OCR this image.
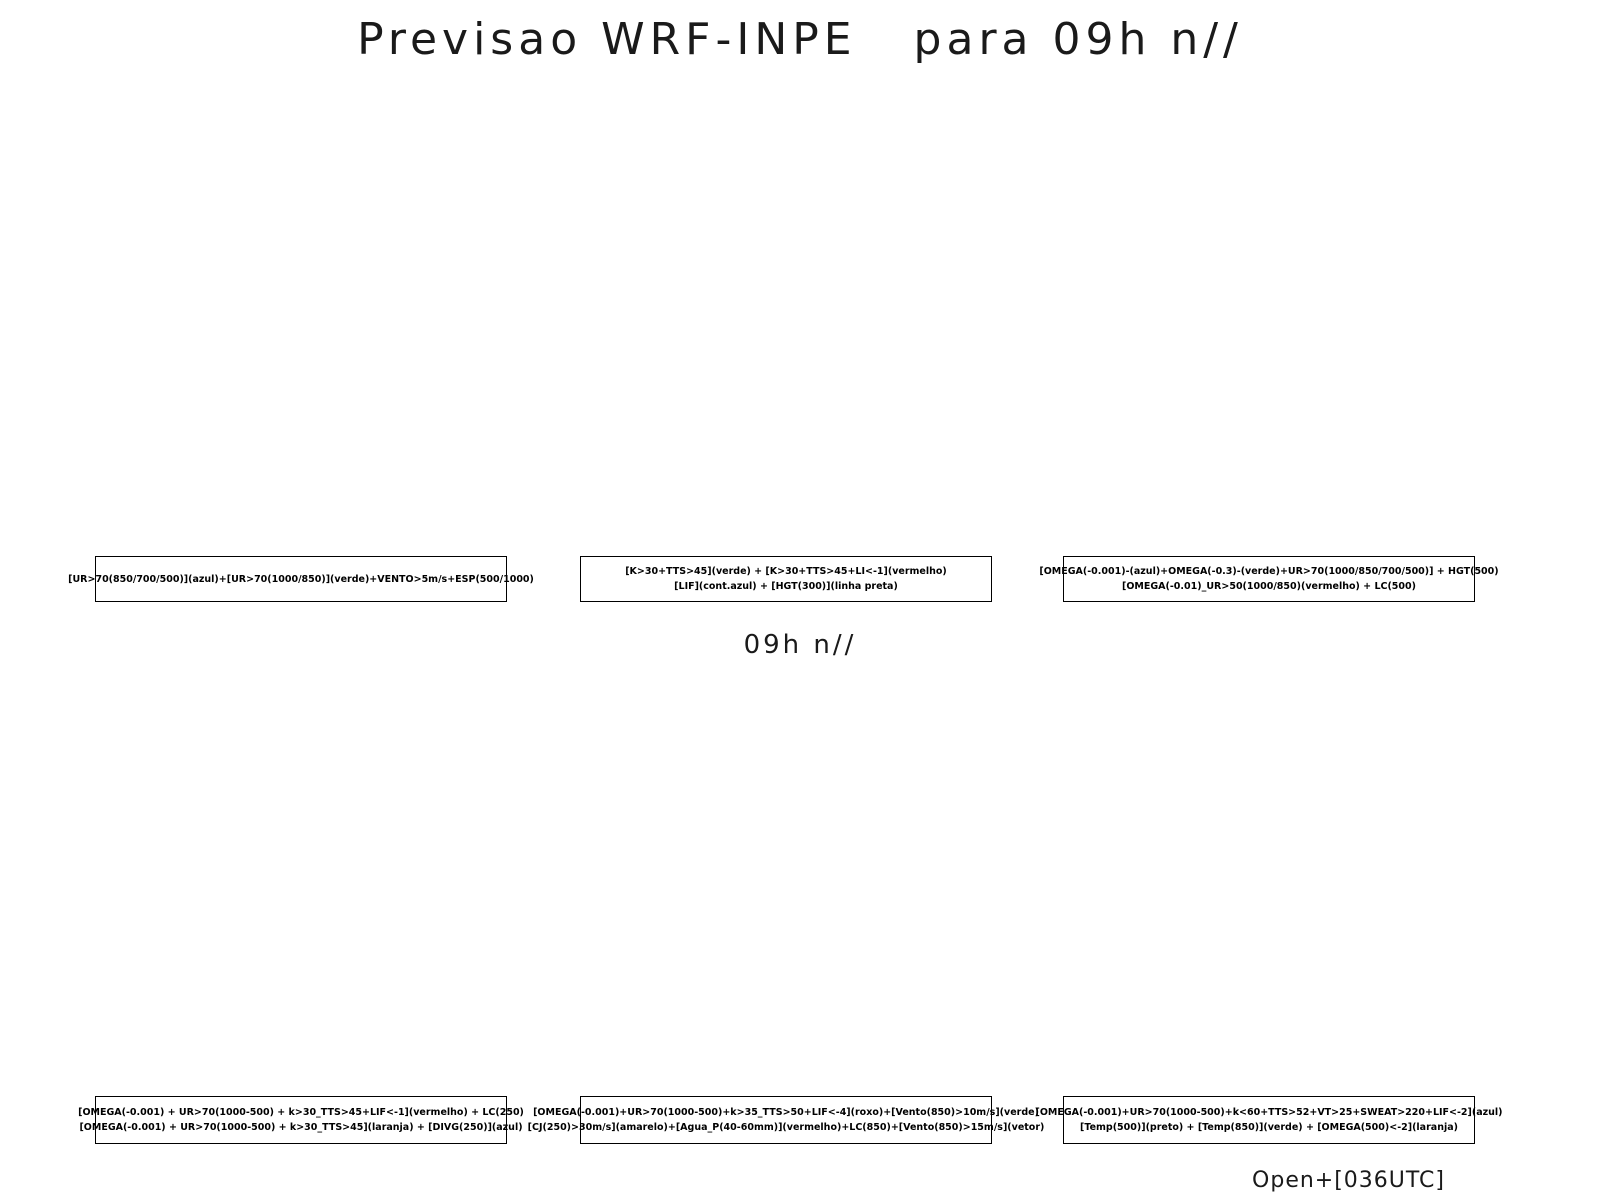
Previsao WRF-INPE   para 09h n//
[UR>70(850/700/500)](azul)+[UR>70(1000/850)](verde)+VENTO>5m/s+ESP(500/1000)
[K>30+TTS>45](verde) + [K>30+TTS>45+LI<-1](vermelho)
[LIF](cont.azul) + [HGT(300)](linha preta)
[OMEGA(-0.001)-(azul)+OMEGA(-0.3)-(verde)+UR>70(1000/850/700/500)] + HGT(500)
[OMEGA(-0.01)_UR>50(1000/850)(vermelho) + LC(500)
09h n//
[OMEGA(-0.001) + UR>70(1000-500) + k>30_TTS>45+LIF<-1](vermelho) + LC(250)
[OMEGA(-0.001) + UR>70(1000-500) + k>30_TTS>45](laranja) + [DIVG(250)](azul)
[OMEGA(-0.001)+UR>70(1000-500)+k>35_TTS>50+LIF<-4](roxo)+[Vento(850)>10m/s](verde)
[CJ(250)>30m/s](amarelo)+[Agua_P(40-60mm)](vermelho)+LC(850)+[Vento(850)>15m/s](vetor)
[OMEGA(-0.001)+UR>70(1000-500)+k<60+TTS>52+VT>25+SWEAT>220+LIF<-2](azul)
[Temp(500)](preto) + [Temp(850)](verde) + [OMEGA(500)<-2](laranja)
Open+[036UTC]
